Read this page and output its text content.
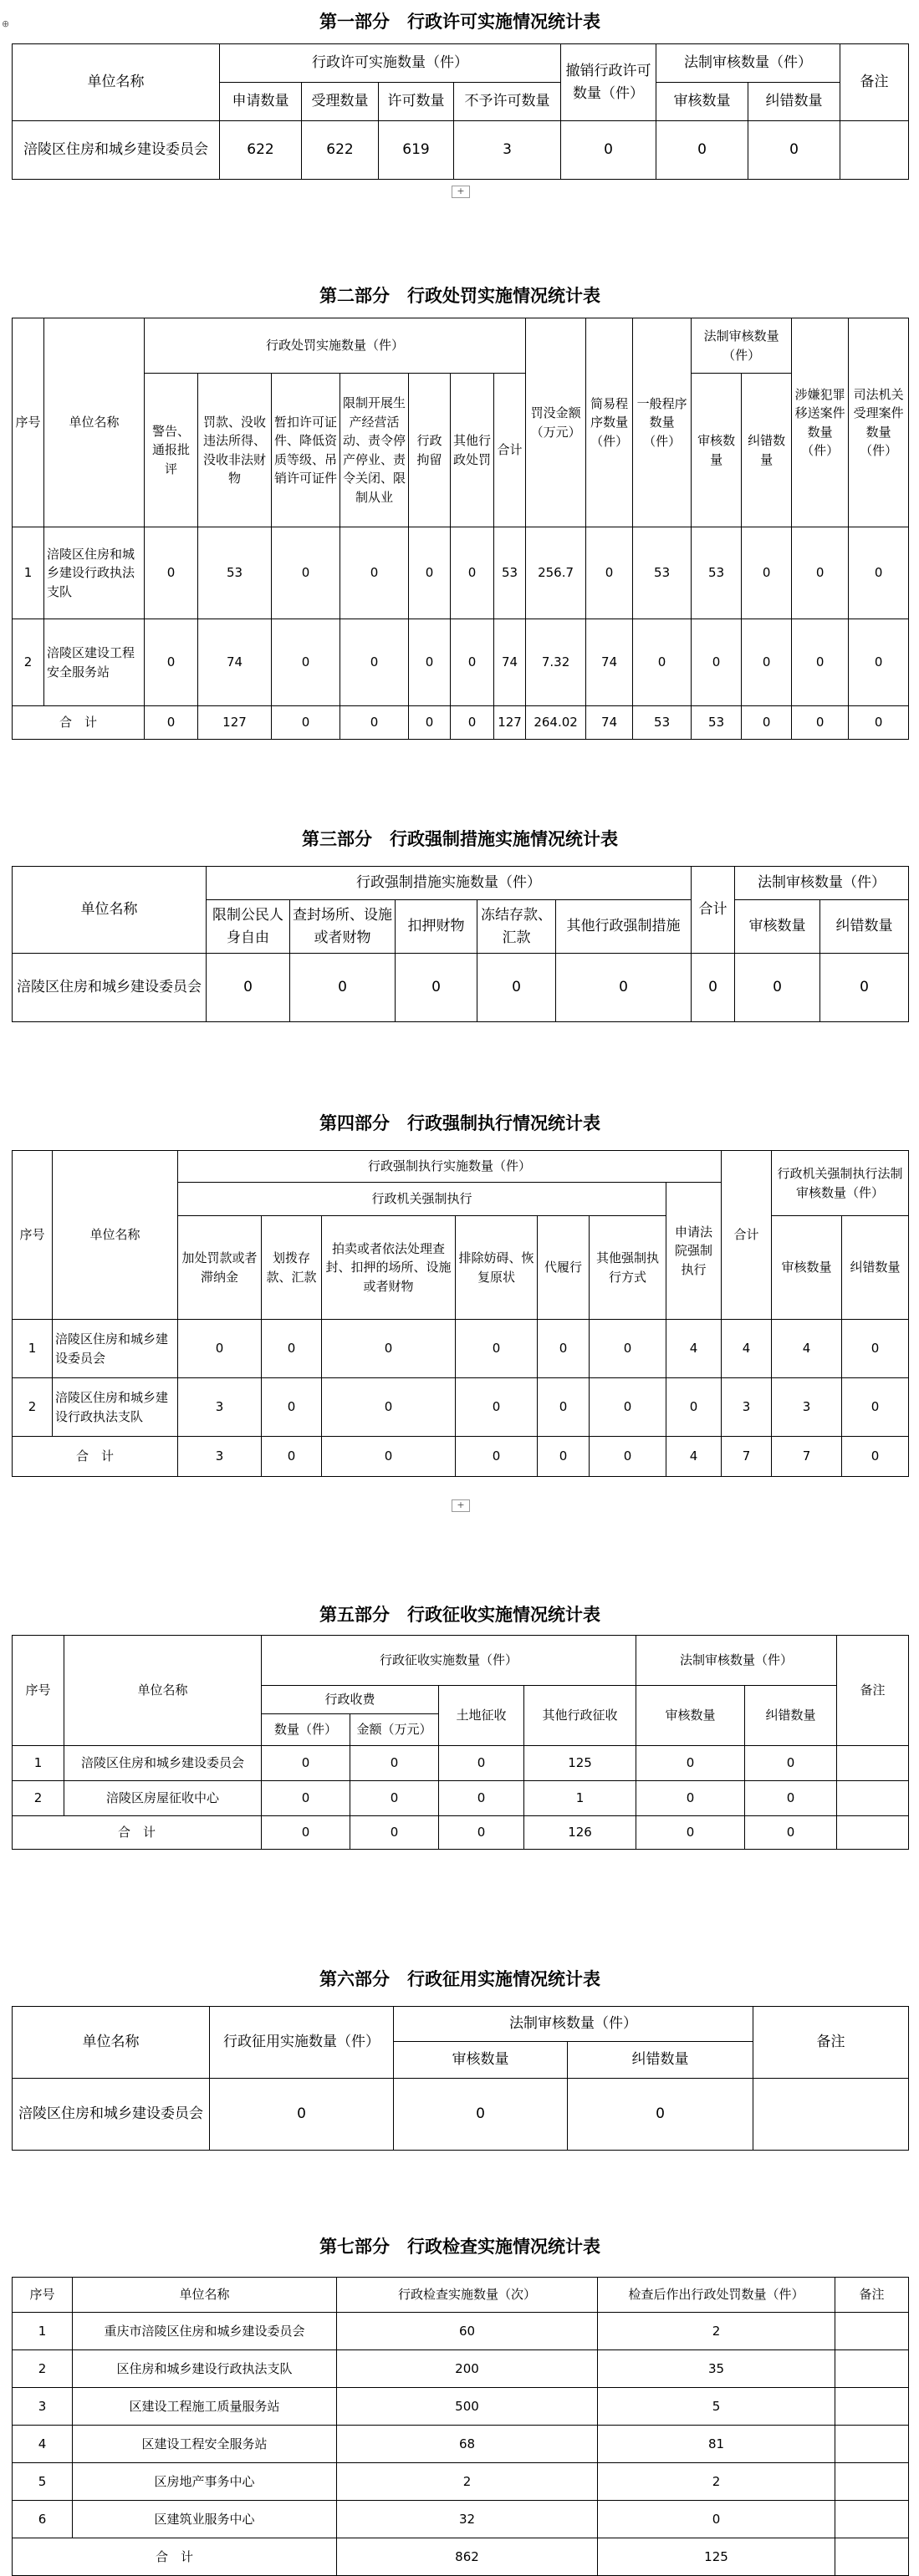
⊕	第一部分　行政许可实施情况统计表
单位名称	行政许可实施数量（件）				撤销行政许可数量（件）	法制审核数量（件）		备注
	申请数量	受理数量	许可数量	不予许可数量		审核数量	纠错数量	
涪陵区住房和城乡建设委员会	622	622	619	3	0	0	0	
+
第二部分　行政处罚实施情况统计表
序号	单位名称	行政处罚实施数量（件）							罚没金额（万元）	简易程序数量（件）	一般程序数量（件）	法制审核数量（件）		涉嫌犯罪移送案件数量（件）	司法机关受理案件数量（件）
												审核数量	纠错数量		
		警告、通报批评	罚款、没收违法所得、没收非法财物	暂扣许可证件、降低资质等级、吊销许可证件	限制开展生产经营活动、责令停产停业、责令关闭、限制从业	行政拘留	其他行政处罚	合计							
1	涪陵区住房和城乡建设行政执法支队	0	53	0	0	0	0	53	256.7	0	53	53	0	0	0
2	涪陵区建设工程安全服务站	0	74	0	0	0	0	74	7.32	74	0	0	0	0	0
合　计		0	127	0	0	0	0	127	264.02	74	53	53	0	0	0
第三部分　行政强制措施实施情况统计表
单位名称	行政强制措施实施数量（件）					合计	法制审核数量（件）	
	限制公民人身自由	查封场所、设施或者财物	扣押财物	冻结存款、汇款	其他行政强制措施		审核数量	纠错数量
涪陵区住房和城乡建设委员会	0	0	0	0	0	0	0	0
第四部分　行政强制执行情况统计表
序号	单位名称	行政强制执行实施数量（件）							合计	行政机关强制执行法制审核数量（件）	
		行政机关强制执行						申请法院强制执行			
		加处罚款或者滞纳金	划拨存款、汇款	拍卖或者依法处理查封、扣押的场所、设施或者财物	排除妨碍、恢复原状	代履行	其他强制执行方式			审核数量	纠错数量
1	涪陵区住房和城乡建设委员会	0	0	0	0	0	0	4	4	4	0
2	涪陵区住房和城乡建设行政执法支队	3	0	0	0	0	0	0	3	3	0
合　计		3	0	0	0	0	0	4	7	7	0
+
第五部分　行政征收实施情况统计表
序号	单位名称	行政征收实施数量（件）				法制审核数量（件）		备注
		行政收费		土地征收	其他行政征收	审核数量	纠错数量	
		数量（件）	金额（万元）					
1	涪陵区住房和城乡建设委员会	0	0	0	125	0	0	
2	涪陵区房屋征收中心	0	0	0	1	0	0	
合　计		0	0	0	126	0	0	
第六部分　行政征用实施情况统计表
单位名称	行政征用实施数量（件）	法制审核数量（件）		备注
		审核数量	纠错数量	
涪陵区住房和城乡建设委员会	0	0	0	
第七部分　行政检查实施情况统计表
序号	单位名称	行政检查实施数量（次）	检查后作出行政处罚数量（件）	备注
1	重庆市涪陵区住房和城乡建设委员会	60	2	
2	区住房和城乡建设行政执法支队	200	35	
3	区建设工程施工质量服务站	500	5	
4	区建设工程安全服务站	68	81	
5	区房地产事务中心	2	2	
6	区建筑业服务中心	32	0	
合　计		862	125	
